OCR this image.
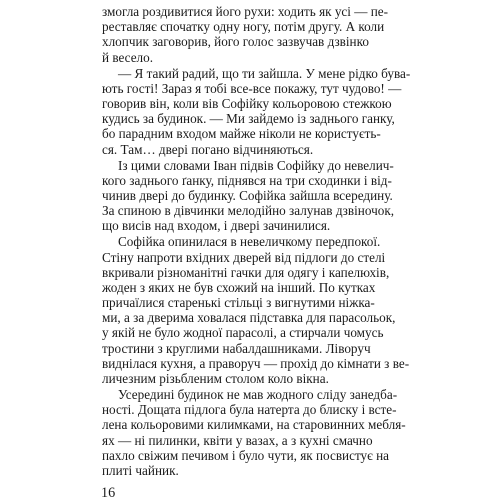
змогла роздивитися його рухи: ходить як усі — пе-
реставляє спочатку одну ногу, потім другу. А коли
хлопчик заговорив, його голос зазвучав дзвінко
й весело.
— Я такий радий, що ти зайшла. У мене рідко бува-
ють гості! Зараз я тобі все-все покажу, тут чудово! —
говорив він, коли вів Софійку кольоровою стежкою
кудись за будинок. — Ми зайдемо із заднього ганку,
бо парадним входом майже ніколи не користуєть-
ся. Там… двері погано відчиняються.
Із цими словами Іван підвів Софійку до невелич-
кого заднього ґанку, піднявся на три сходинки і від-
чинив двері до будинку. Софійка зайшла всередину.
За спиною в дівчинки мелодійно залунав дзвіночок,
що висів над входом, і двері зачинилися.
Софійка опинилася в невеличкому передпокої.
Стіну напроти вхідних дверей від підлоги до стелі
вкривали різноманітні гачки для одягу і капелюхів,
жоден з яких не був схожий на інший. По кутках
причаїлися старенькі стільці з вигнутими ніжка-
ми, а за дверима ховалася підставка для парасольок,
у якій не було жодної парасолі, а стирчали чомусь
тростини з круглими набалдашниками. Ліворуч
виднілася кухня, а праворуч — прохід до кімнати з ве-
личезним різьбленим столом коло вікна.
Усередині будинок не мав жодного сліду занедба-
ності. Дощата підлога була натерта до блиску і встe-
лена кольоровими килимками, на старовинних мебля-
ях — ні пилинки, квіти у вазах, а з кухні смачно
пахло свіжим печивом і було чути, як посвистує на
плиті чайник.
16
